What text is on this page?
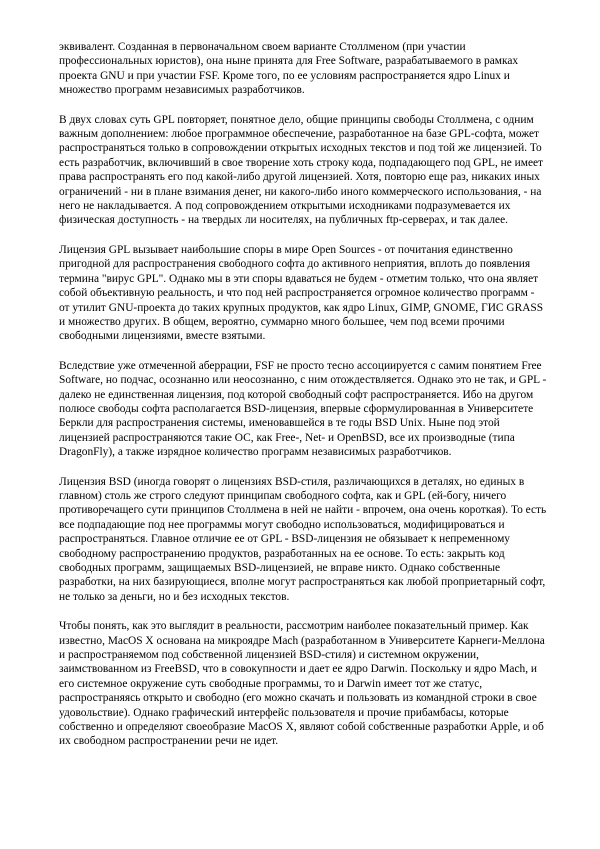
эквивалент. Созданная в первоначальном своем варианте Столлменом (при участии профессиональных юристов), она ныне принята для Free Software, разрабатываемого в рамках проекта GNU и при участии FSF. Кроме того, по ее условиям распространяется ядро Linux и множество программ независимых разработчиков.

В двух словах суть GPL повторяет, понятное дело, общие принципы свободы Столлмена, с одним важным дополнением: любое программное обеспечение, разработанное на базе GPL-софта, может распространяться только в сопровождении открытых исходных текстов и под той же лицензией. То есть разработчик, включивший в свое творение хоть строку кода, подпадающего под GPL, не имеет права распространять его под какой-либо другой лицензией. Хотя, повторю еще раз, никаких иных ограничений - ни в плане взимания денег, ни какого-либо иного коммерческого использования, - на него не накладывается. А под сопровождением открытыми исходниками подразумевается их физическая доступность - на твердых ли носителях, на публичных ftp-серверах, и так далее.

Лицензия GPL вызывает наибольшие споры в мире Open Sources - от почитания единственно пригодной для распространения свободного софта до активного неприятия, вплоть до появления термина "вирус GPL". Однако мы в эти споры вдаваться не будем - отметим только, что она являет собой объективную реальность, и что под ней распространяется огромное количество программ - от утилит GNU-проекта до таких крупных продуктов, как ядро Linux, GIMP, GNOME, ГИС GRASS и множество других. В общем, вероятно, суммарно много большее, чем под всеми прочими свободными лицензиями, вместе взятыми.

Вследствие уже отмеченной аберрации, FSF не просто тесно ассоциируется с самим понятием Free Software, но подчас, осознанно или неосознанно, с ним отождествляется. Однако это не так, и GPL - далеко не единственная лицензия, под которой свободный софт распространяется. Ибо на другом полюсе свободы софта располагается BSD-лицензия, впервые сформулированная в Университете Беркли для распространения системы, именовавшейся в те годы BSD Unix. Ныне под этой лицензией распространяются такие ОС, как Free-, Net- и OpenBSD, все их производные (типа DragonFly), а также изрядное количество программ независимых разработчиков.

Лицензия BSD (иногда говорят о лицензиях BSD-стиля, различающихся в деталях, но единых в главном) столь же строго следуют принципам свободного софта, как и GPL (ей-богу, ничего противоречащего сути принципов Столлмена в ней не найти - впрочем, она очень короткая). То есть все подпадающие под нее программы могут свободно использоваться, модифицироваться и распространяться. Главное отличие ее от GPL - BSD-лицензия не обязывает к непременному свободному распространению продуктов, разработанных на ее основе. То есть: закрыть код свободных программ, защищаемых BSD-лицензией, не вправе никто. Однако собственные разработки, на них базирующиеся, вполне могут распространяться как любой проприетарный софт, не только за деньги, но и без исходных текстов.

Чтобы понять, как это выглядит в реальности, рассмотрим наиболее показательный пример. Как известно, MacOS X основана на микроядре Mach (разработанном в Университете Карнеги-Меллона и распространяемом под собственной лицензией BSD-стиля) и системном окружении, заимствованном из FreeBSD, что в совокупности и дает ее ядро Darwin. Поскольку и ядро Mach, и его системное окружение суть свободные программы, то и Darwin имеет тот же статус, распространяясь открыто и свободно (его можно скачать и пользовать из командной строки в свое удовольствие). Однако графический интерфейс пользователя и прочие прибамбасы, которые собственно и определяют своеобразие MacOS X, являют собой собственные разработки Apple, и об их свободном распространении речи не идет.
